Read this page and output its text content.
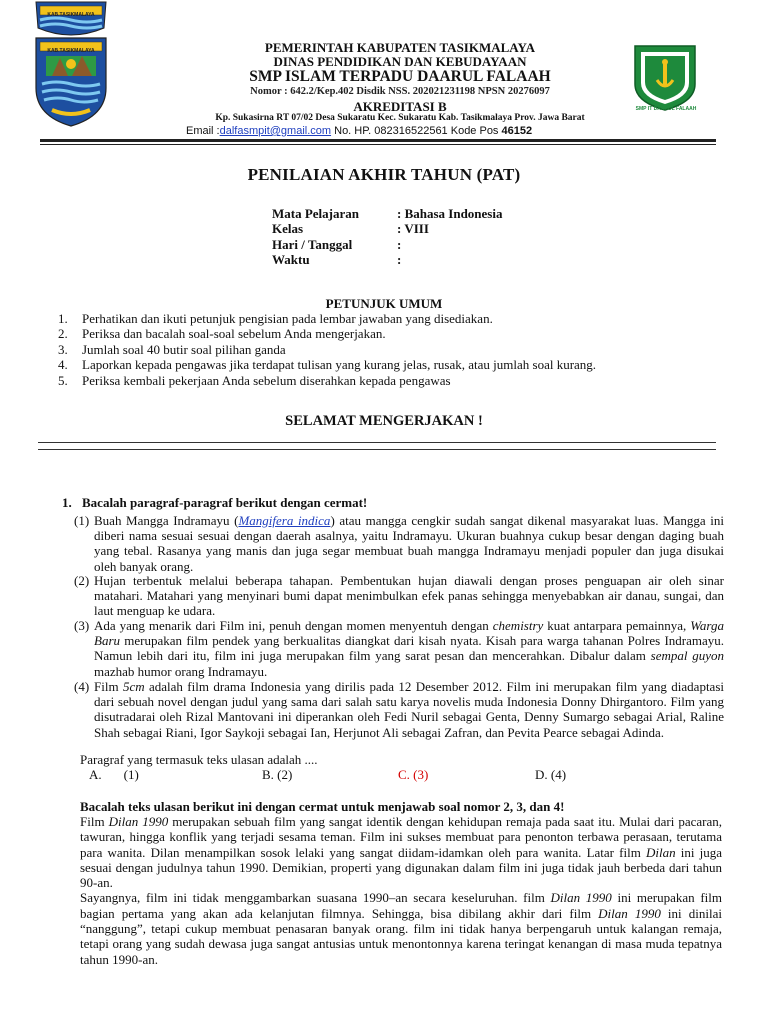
SMP IT DAARUL FALAAH
KAB.TASIKMALAYA
KAB.TASIKMALAYA	PEMERINTAH KABUPATEN TASIKMALAYA
DINAS PENDIDIKAN DAN KEBUDAYAAN
SMP ISLAM TERPADU DAARUL FALAAH
Nomor : 642.2/Kep.402 Disdik NSS. 202021231198 NPSN 20276097
AKREDITASI B
Kp. Sukasirna RT 07/02 Desa Sukaratu Kec. Sukaratu Kab. Tasikmalaya Prov. Jawa Barat
Email :dalfasmpit@gmail.com No. HP. 082316522561 Kode Pos 46152
PENILAIAN AKHIR TAHUN (PAT)
Mata Pelajaran	: Bahasa Indonesia
Kelas	: VIII
Hari / Tanggal	:
Waktu	:
PETUNJUK UMUM
1. Perhatikan dan ikuti petunjuk pengisian pada lembar jawaban yang disediakan.
2. Periksa dan bacalah soal-soal sebelum Anda mengerjakan.
3. Jumlah soal 40 butir soal pilihan ganda
4. Laporkan kepada pengawas jika terdapat tulisan yang kurang jelas, rusak, atau jumlah soal kurang.
5. Periksa kembali pekerjaan Anda sebelum diserahkan kepada pengawas
SELAMAT MENGERJAKAN !
1. Bacalah paragraf-paragraf berikut dengan cermat!
(1) Buah Mangga Indramayu (Mangifera indica) atau mangga cengkir sudah sangat dikenal masyarakat luas. Mangga ini diberi nama sesuai sesuai dengan daerah asalnya, yaitu Indramayu. Ukuran buahnya cukup besar dengan daging buah yang tebal. Rasanya yang manis dan juga segar membuat buah mangga Indramayu menjadi populer dan juga disukai oleh banyak orang.
(2) Hujan terbentuk melalui beberapa tahapan. Pembentukan hujan diawali dengan proses penguapan air oleh sinar matahari. Matahari yang menyinari bumi dapat menimbulkan efek panas sehingga menyebabkan air danau, sungai, dan laut menguap ke udara.
(3) Ada yang menarik dari Film ini, penuh dengan momen menyentuh dengan chemistry kuat antarpara pemainnya, Warga Baru merupakan film pendek yang berkualitas diangkat dari kisah nyata. Kisah para warga tahanan Polres Indramayu. Namun lebih dari itu, film ini juga merupakan film yang sarat pesan dan mencerahkan. Dibalur dalam sempal guyon mazhab humor orang Indramayu.
(4) Film 5cm adalah film drama Indonesia yang dirilis pada 12 Desember 2012. Film ini merupakan film yang diadaptasi dari sebuah novel dengan judul yang sama dari salah satu karya novelis muda Indonesia Donny Dhirgantoro. Film yang disutradarai oleh Rizal Mantovani ini diperankan oleh Fedi Nuril sebagai Genta, Denny Sumargo sebagai Arial, Raline Shah sebagai Riani, Igor Saykoji sebagai Ian, Herjunot Ali sebagai Zafran, dan Pevita Pearce sebagai Adinda.
Paragraf yang termasuk teks ulasan adalah ....
A. (1)	B. (2)	C. (3)	D. (4)
Bacalah teks ulasan berikut ini dengan cermat untuk menjawab soal nomor 2, 3, dan 4!
Film Dilan 1990 merupakan sebuah film yang sangat identik dengan kehidupan remaja pada saat itu. Mulai dari pacaran, tawuran, hingga konflik yang terjadi sesama teman. Film ini sukses membuat para penonton terbawa perasaan, terutama para wanita. Dilan menampilkan sosok lelaki yang sangat diidam-idamkan oleh para wanita. Latar film Dilan ini juga sesuai dengan judulnya tahun 1990. Demikian, properti yang digunakan dalam film ini juga tidak jauh berbeda dari tahun 90-an.
Sayangnya, film ini tidak menggambarkan suasana 1990–an secara keseluruhan. film Dilan 1990 ini merupakan film bagian pertama yang akan ada kelanjutan filmnya. Sehingga, bisa dibilang akhir dari film Dilan 1990 ini dinilai “nanggung”, tetapi cukup membuat penasaran banyak orang. film ini tidak hanya berpengaruh untuk kalangan remaja, tetapi orang yang sudah dewasa juga sangat antusias untuk menontonnya karena teringat kenangan di masa muda tepatnya tahun 1990-an.
